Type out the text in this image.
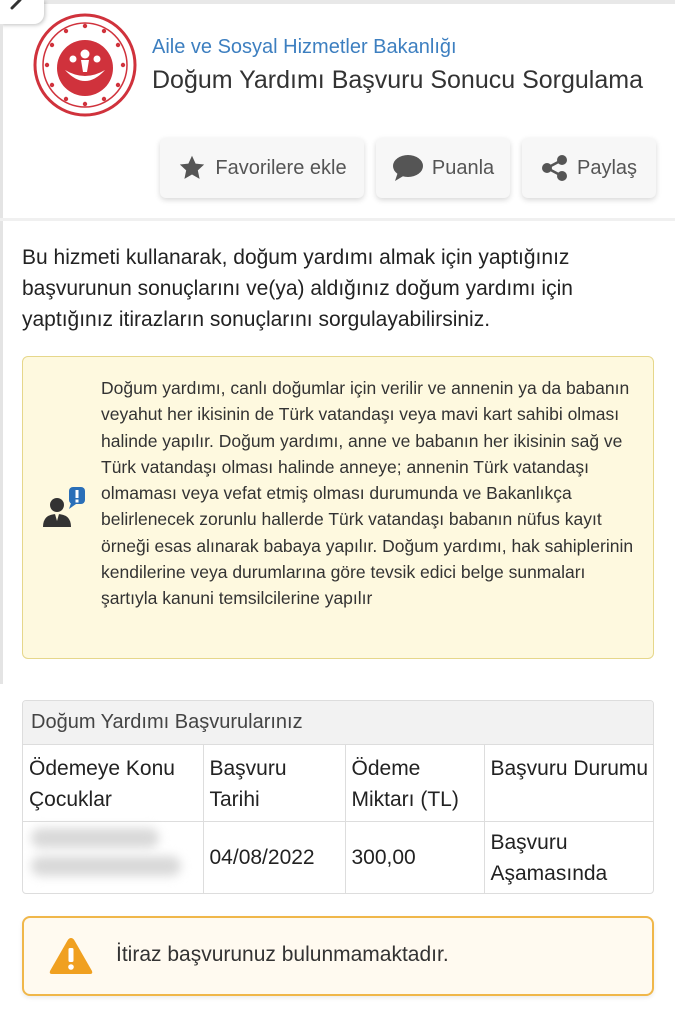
Aile ve Sosyal Hizmetler Bakanlığı
Doğum Yardımı Başvuru Sonucu Sorgulama
Favorilere ekle	Puanla	Paylaş

Bu hizmeti kullanarak, doğum yardımı almak için yaptığınız başvurunun sonuçlarını ve(ya) aldığınız doğum yardımı için yaptığınız itirazların sonuçlarını sorgulayabilirsiniz.

Doğum yardımı, canlı doğumlar için verilir ve annenin ya da babanın veyahut her ikisinin de Türk vatandaşı veya mavi kart sahibi olması halinde yapılır. Doğum yardımı, anne ve babanın her ikisinin sağ ve Türk vatandaşı olması halinde anneye; annenin Türk vatandaşı olmaması veya vefat etmiş olması durumunda ve Bakanlıkça belirlenecek zorunlu hallerde Türk vatandaşı babanın nüfus kayıt örneği esas alınarak babaya yapılır. Doğum yardımı, hak sahiplerinin kendilerine veya durumlarına göre tevsik edici belge sunmaları şartıyla kanuni temsilcilerine yapılır

Doğum Yardımı Başvurularınız
Ödemeye Konu Çocuklar	Başvuru Tarihi	Ödeme Miktarı (TL)	Başvuru Durumu

	04/08/2022	300,00	Başvuru Aşamasında
İtiraz başvurunuz bulunmamaktadır.
